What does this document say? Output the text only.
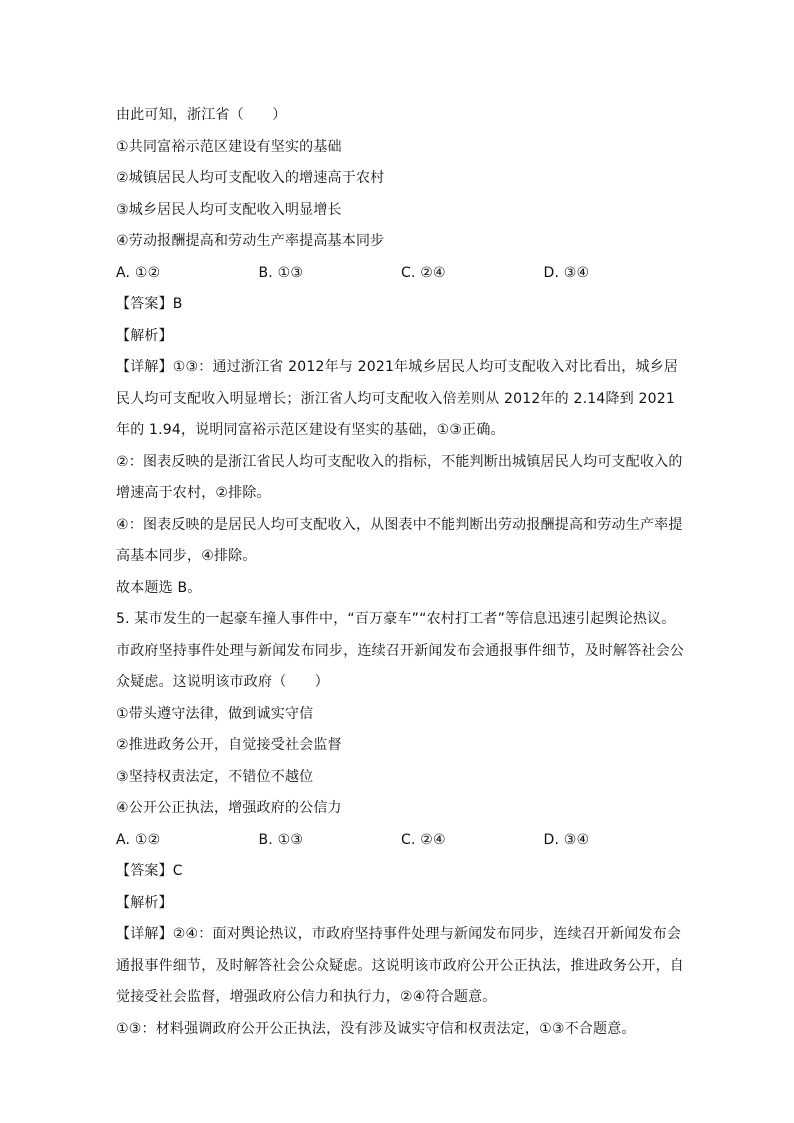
由此可知，浙江省（　　）
①共同富裕示范区建设有坚实的基础
②城镇居民人均可支配收入的增速高于农村
③城乡居民人均可支配收入明显增长
④劳动报酬提高和劳动生产率提高基本同步
A. ①②	B. ①③	C. ②④	D. ③④
【答案】B
【解析】
【详解】①③：通过浙江省 2012年与 2021年城乡居民人均可支配收入对比看出，城乡居民人均可支配收入明显增长；浙江省人均可支配收入倍差则从 2012年的 2.14降到 2021年的 1.94，说明同富裕示范区建设有坚实的基础，①③正确。
②：图表反映的是浙江省民人均可支配收入的指标，不能判断出城镇居民人均可支配收入的增速高于农村，②排除。
④：图表反映的是居民人均可支配收入，从图表中不能判断出劳动报酬提高和劳动生产率提高基本同步，④排除。
故本题选 B。
5. 某市发生的一起豪车撞人事件中，“百万豪车”“农村打工者”等信息迅速引起舆论热议。市政府坚持事件处理与新闻发布同步，连续召开新闻发布会通报事件细节，及时解答社会公众疑虑。这说明该市政府（　　）
①带头遵守法律，做到诚实守信
②推进政务公开，自觉接受社会监督
③坚持权责法定，不错位不越位
④公开公正执法，增强政府的公信力
A. ①②	B. ①③	C. ②④	D. ③④
【答案】C
【解析】
【详解】②④：面对舆论热议，市政府坚持事件处理与新闻发布同步，连续召开新闻发布会通报事件细节，及时解答社会公众疑虑。这说明该市政府公开公正执法，推进政务公开，自觉接受社会监督，增强政府公信力和执行力，②④符合题意。
①③：材料强调政府公开公正执法，没有涉及诚实守信和权责法定，①③不合题意。
